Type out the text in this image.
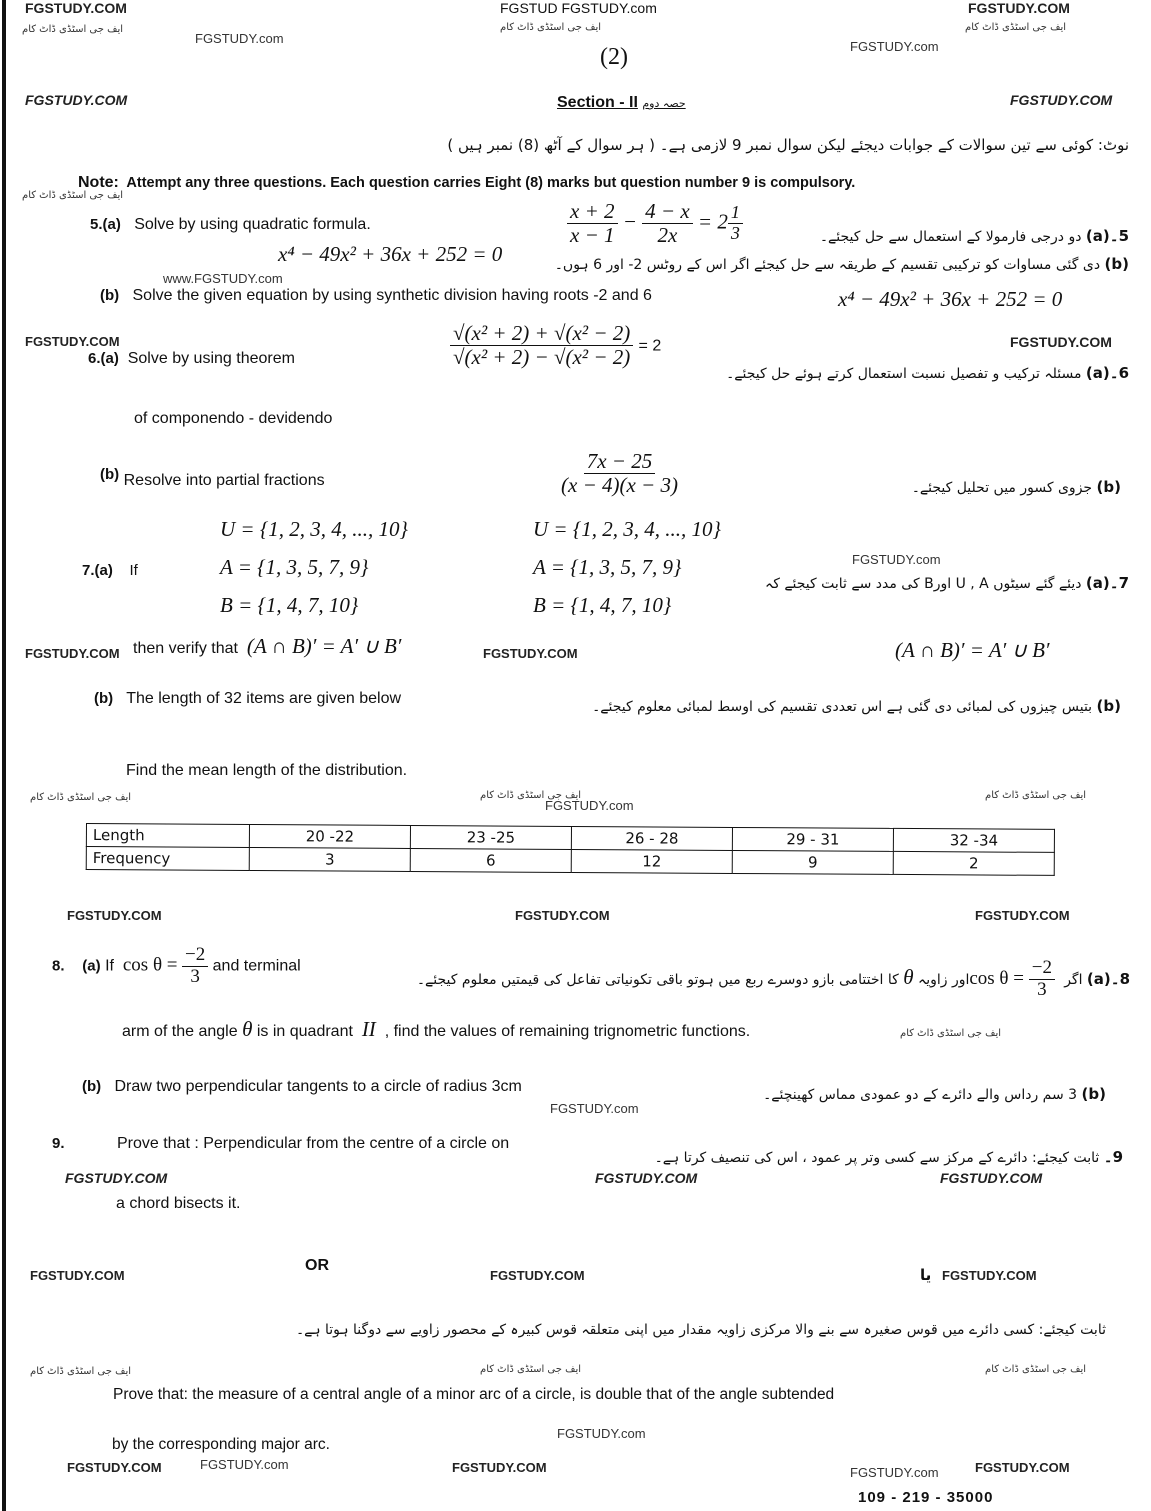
FGSTUDY.COM	FGSTUD FGSTUDY.com	FGSTUDY.COM
ایف جی اسٹڈی ڈاٹ کام
FGSTUDY.com
ایف جی اسٹڈی ڈاٹ کام
FGSTUDY.com
ایف جی اسٹڈی ڈاٹ کام
(2)
FGSTUDY.COM	Section - II حصہ دوم	FGSTUDY.COM
نوٹ: کوئی سے تین سوالات کے جوابات دیجئے لیکن سوال نمبر 9 لازمی ہے۔ ( ہر سوال کے آٹھ (8) نمبر ہیں )
Note: Attempt any three questions. Each question carries Eight (8) marks but question number 9 is compulsory.
ایف جی اسٹڈی ڈاٹ کام
5.(a) Solve by using quadratic formula.
x⁴ − 49x² + 36x + 252 = 0
$\frac{x + 2}{x - 1} - \frac{4 - x}{2x} = 2 \frac{1}{3}$	5۔(a) دو درجی فارمولا کے استعمال سے حل کیجئے۔
(b) دی گئی مساوات کو ترکیبی تقسیم کے طریقہ سے حل کیجئے اگر اس کے روٹس 2- اور 6 ہوں۔
www.FGSTUDY.com
(b) Solve the given equation by using synthetic division having roots -2 and 6	x⁴ − 49x² + 36x + 252 = 0
FGSTUDY.COM	FGSTUDY.COM
6.(a) Solve by using theorem	$\frac{\text{√(x² + 2) + √(x² − 2)}}{\text{√(x² + 2) − √(x² − 2)}} = 2$
6۔(a) مسئلہ ترکیب و تفصیل نسبت استعمال کرتے ہوئے حل کیجئے۔
of componendo - devidendo
(b) Resolve into partial fractions	$\frac{7x - 25}{(x - 4)(x - 3)}$	(b) جزوی کسور میں تحلیل کیجئے۔
U = {1, 2, 3, 4, ..., 10}
A = {1, 3, 5, 7, 9}
B = {1, 4, 7, 10}
7.(a) If
U = {1, 2, 3, 4, ..., 10}
A = {1, 3, 5, 7, 9}
B = {1, 4, 7, 10}
FGSTUDY.com
7۔(a) دیئے گئے سیٹوں U , A اورB کی مدد سے ثابت کیجئے کہ
FGSTUDY.COM then verify that (A ∩ B)′ = A′ ∪ B′	FGSTUDY.COM	(A ∩ B)′ = A′ ∪ B′
(b) The length of 32 items are given below	(b) بتیس چیزوں کی لمبائی دی گئی ہے اس تعددی تقسیم کی اوسط لمبائی معلوم کیجئے۔
Find the mean length of the distribution.
ایف جی اسٹڈی ڈاٹ کام	ایف جی اسٹڈی ڈاٹ کام
FGSTUDY.com
ایف جی اسٹڈی ڈاٹ کام
Length	20 -22	23 -25	26 - 28	29 - 31	32 -34
Frequency	3	6	12	9	2
FGSTUDY.COM	FGSTUDY.COM	FGSTUDY.COM
8. (a) If $\cos \theta = \frac{-2}{3}$ and terminal
8۔(a) اگر $\cos \theta = \frac{-2}{3}$
اور زاویہ θ کا اختتامی بازو دوسرے ربع میں ہوتو باقی تکونیاتی تفاعل کی قیمتیں معلوم کیجئے۔
arm of the angle θ is in quadrant II , find the values of remaining trignometric functions.	ایف جی اسٹڈی ڈاٹ کام
(b) Draw two perpendicular tangents to a circle of radius 3cm	(b) 3 سم رداس والے دائرے کے دو عمودی مماس کھینچئے۔
FGSTUDY.com
9.	Prove that : Perpendicular from the centre of a circle on
9۔ ثابت کیجئے: دائرے کے مرکز سے کسی وتر پر عمود ، اس کی تنصیف کرتا ہے۔
FGSTUDY.COM	FGSTUDY.COM	FGSTUDY.COM
a chord bisects it.
FGSTUDY.COM
OR
FGSTUDY.COM	یا FGSTUDY.COM
ثابت کیجئے: کسی دائرے میں قوس صغیرہ سے بنے والا مرکزی زاویہ مقدار میں اپنی متعلقہ قوس کبیرہ کے محصور زاویے سے دوگنا ہوتا ہے۔
ایف جی اسٹڈی ڈاٹ کام	ایف جی اسٹڈی ڈاٹ کام	ایف جی اسٹڈی ڈاٹ کام
Prove that: the measure of a central angle of a minor arc of a circle, is double that of the angle subtended
FGSTUDY.com
by the corresponding major arc.
FGSTUDY.COM	FGSTUDY.com	FGSTUDY.COM	FGSTUDY.com	FGSTUDY.COM
109 - 219 - 35000
